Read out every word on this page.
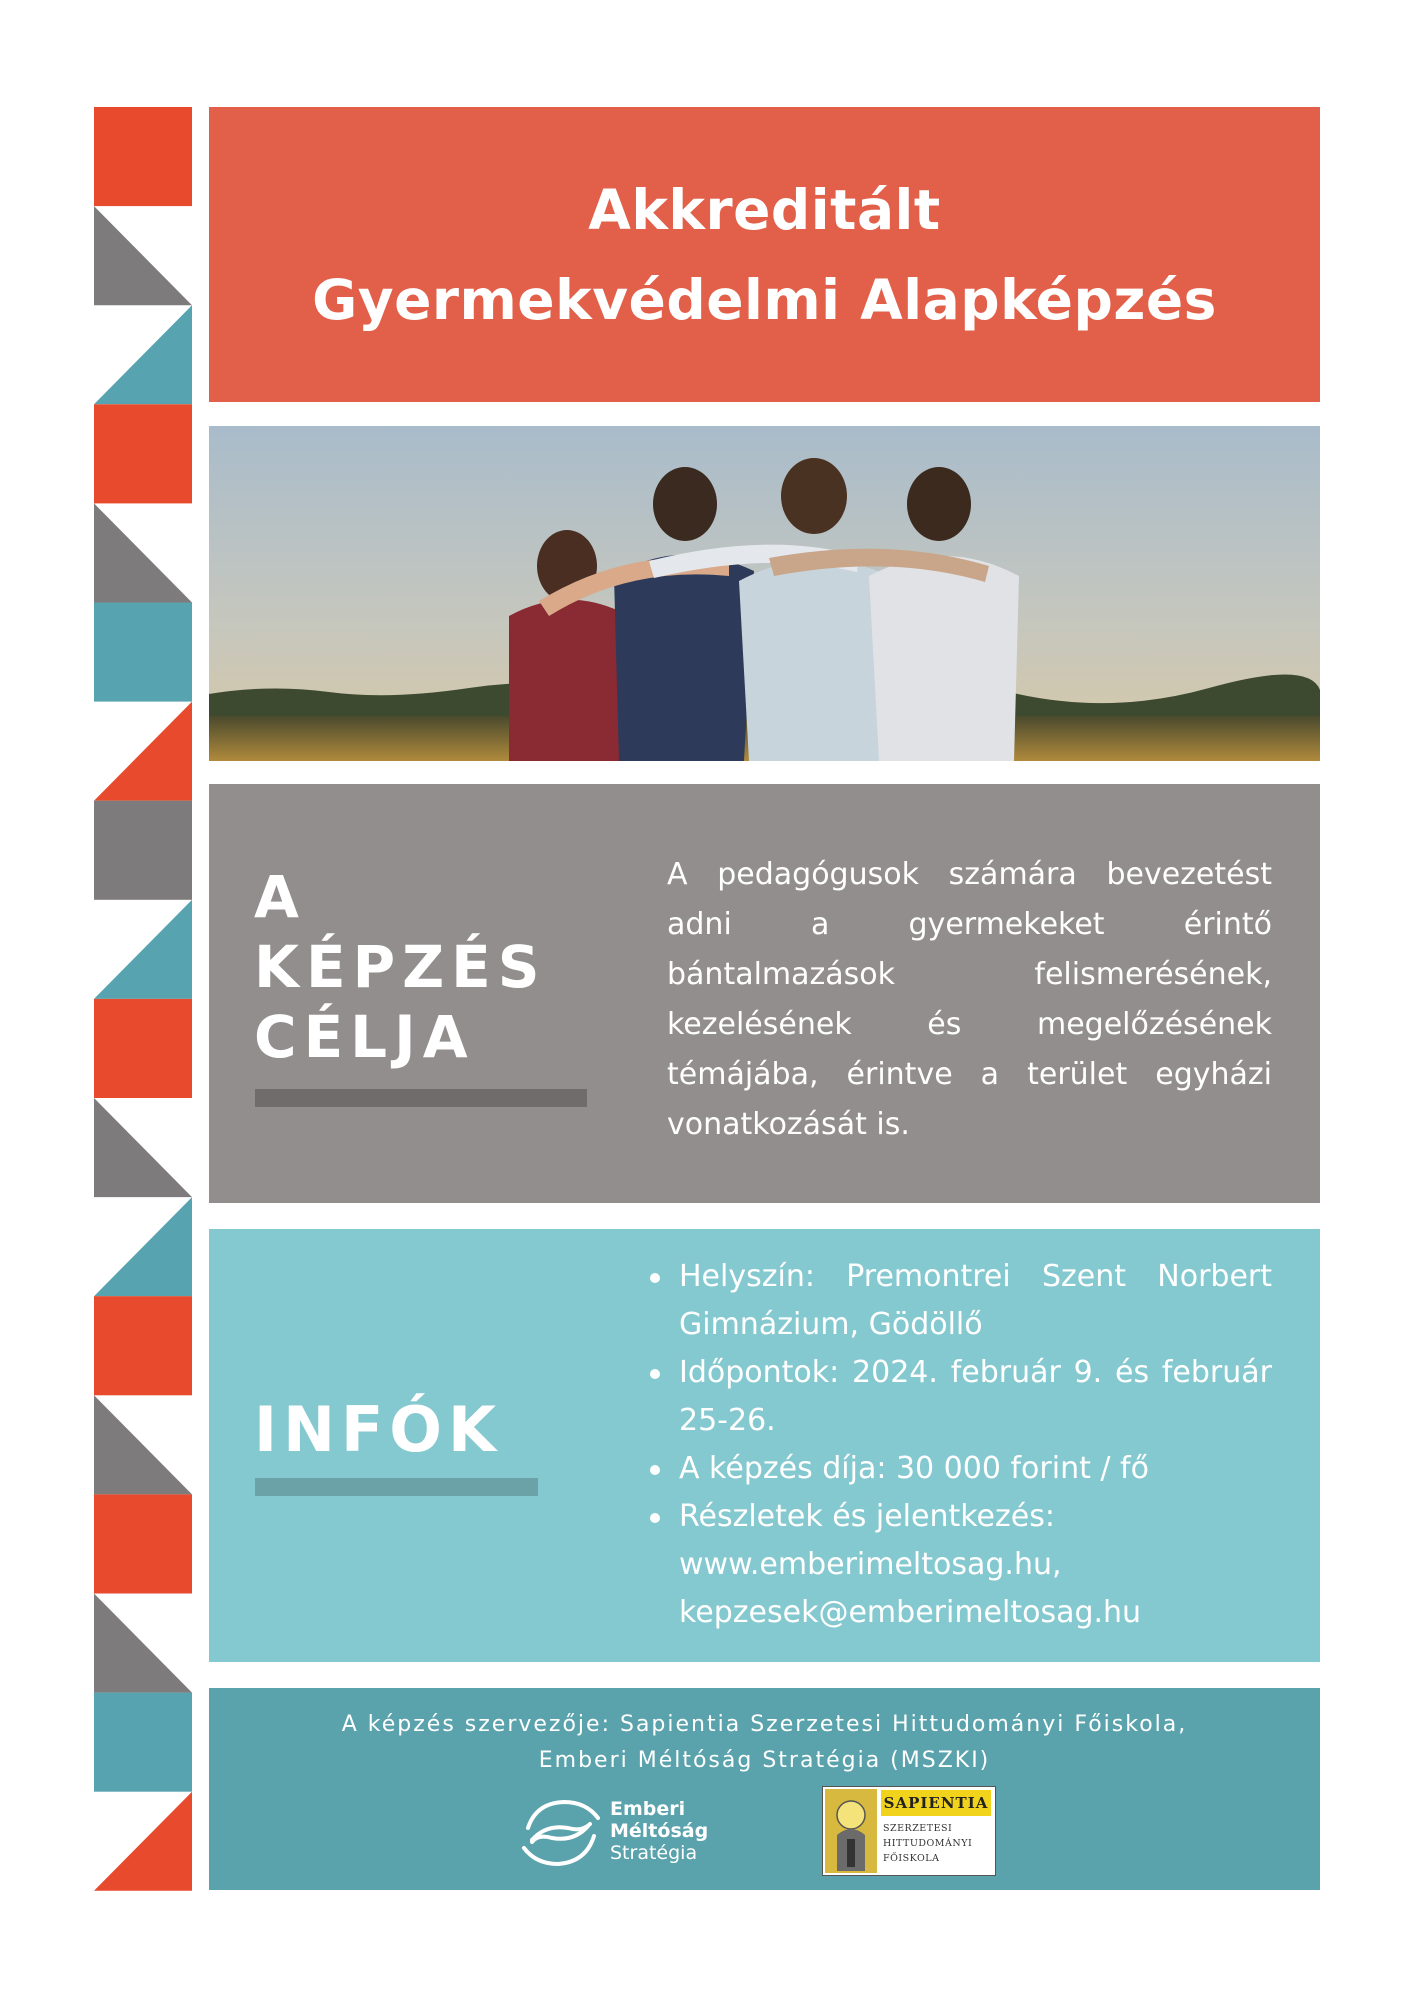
Akkreditált
Gyermekvédelmi Alapképzés
A
KÉPZÉS
CÉLJA
A pedagógusok számára bevezetést adni a gyermekeket érintő bántalmazások felismerésének, kezelésének és megelőzésének témájába, érintve a terület egyházi vonatkozását is.
INFÓK
Helyszín: Premontrei Szent Norbert Gimnázium, Gödöllő
Időpontok: 2024. február 9. és február 25-26.
A képzés díja: 30 000 forint / fő
Részletek és jelentkezés:
www.emberimeltosag.hu,
kepzesek@emberimeltosag.hu
A képzés szervezője: Sapientia Szerzetesi Hittudományi Főiskola,
Emberi Méltóság Stratégia (MSZKI)
Emberi
Méltóság
Stratégia
SAPIENTIA
SZERZETESI
HITTUDOMÁNYI
FŐISKOLA
